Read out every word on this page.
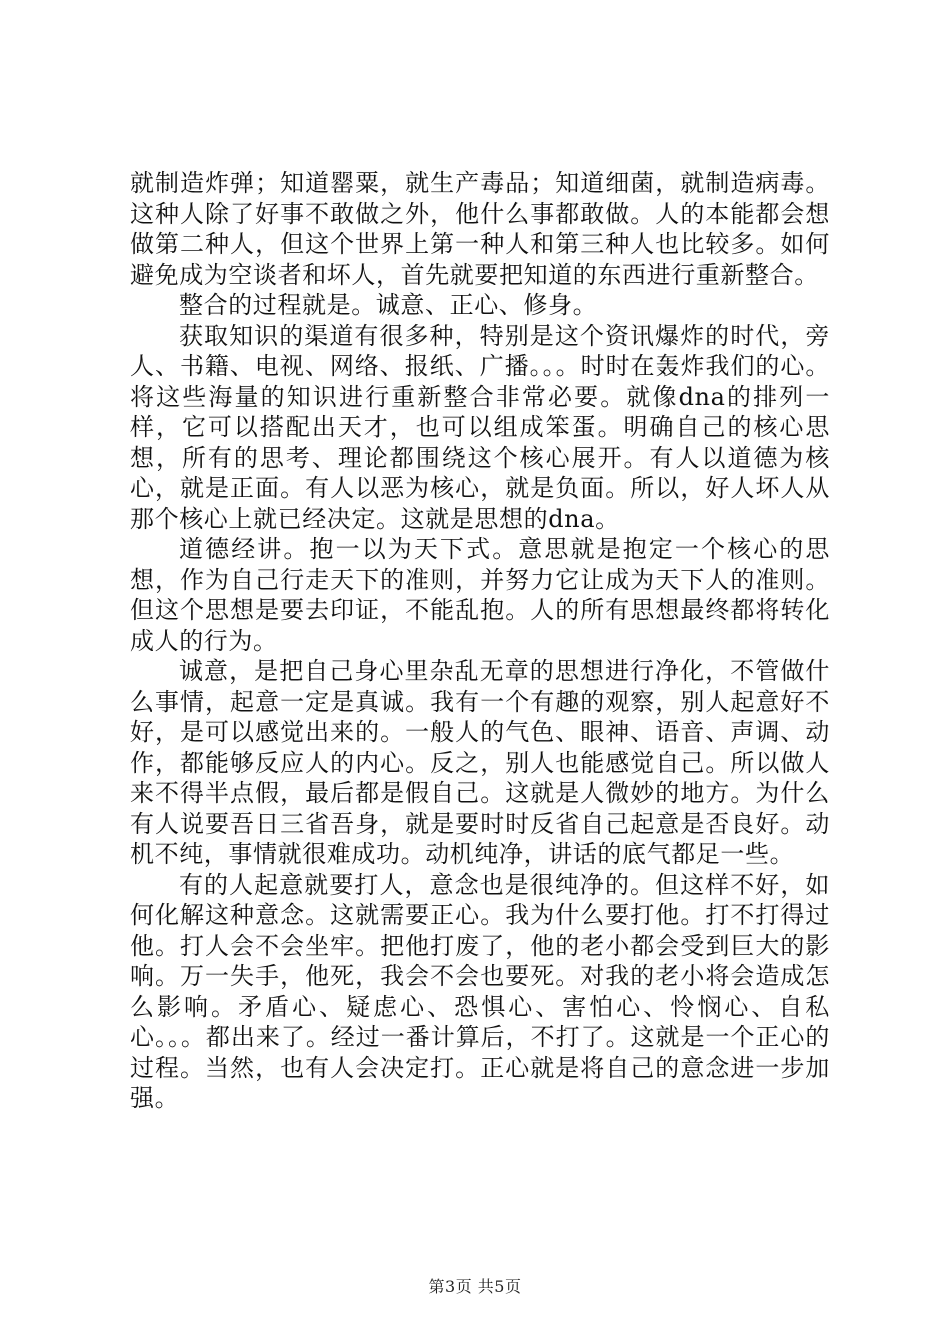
就制造炸弹；知道罂粟，就生产毒品；知道细菌，就制造病毒。这种人除了好事不敢做之外，他什么事都敢做。人的本能都会想做第二种人，但这个世界上第一种人和第三种人也比较多。如何避免成为空谈者和坏人，首先就要把知道的东西进行重新整合。

整合的过程就是。诚意、正心、修身。

获取知识的渠道有很多种，特别是这个资讯爆炸的时代，旁人、书籍、电视、网络、报纸、广播。。。时时在轰炸我们的心。将这些海量的知识进行重新整合非常必要。就像dna的排列一样，它可以搭配出天才，也可以组成笨蛋。明确自己的核心思想，所有的思考、理论都围绕这个核心展开。有人以道德为核心，就是正面。有人以恶为核心，就是负面。所以，好人坏人从那个核心上就已经决定。这就是思想的dna。

道德经讲。抱一以为天下式。意思就是抱定一个核心的思想，作为自己行走天下的准则，并努力它让成为天下人的准则。但这个思想是要去印证，不能乱抱。人的所有思想最终都将转化成人的行为。

诚意，是把自己身心里杂乱无章的思想进行净化，不管做什么事情，起意一定是真诚。我有一个有趣的观察，别人起意好不好，是可以感觉出来的。一般人的气色、眼神、语音、声调、动作，都能够反应人的内心。反之，别人也能感觉自己。所以做人来不得半点假，最后都是假自己。这就是人微妙的地方。为什么有人说要吾日三省吾身，就是要时时反省自己起意是否良好。动机不纯，事情就很难成功。动机纯净，讲话的底气都足一些。

有的人起意就要打人，意念也是很纯净的。但这样不好，如何化解这种意念。这就需要正心。我为什么要打他。打不打得过他。打人会不会坐牢。把他打废了，他的老小都会受到巨大的影响。万一失手，他死，我会不会也要死。对我的老小将会造成怎么影响。矛盾心、疑虑心、恐惧心、害怕心、怜悯心、自私心。。。都出来了。经过一番计算后，不打了。这就是一个正心的过程。当然，也有人会决定打。正心就是将自己的意念进一步加强。

第3页 共5页
